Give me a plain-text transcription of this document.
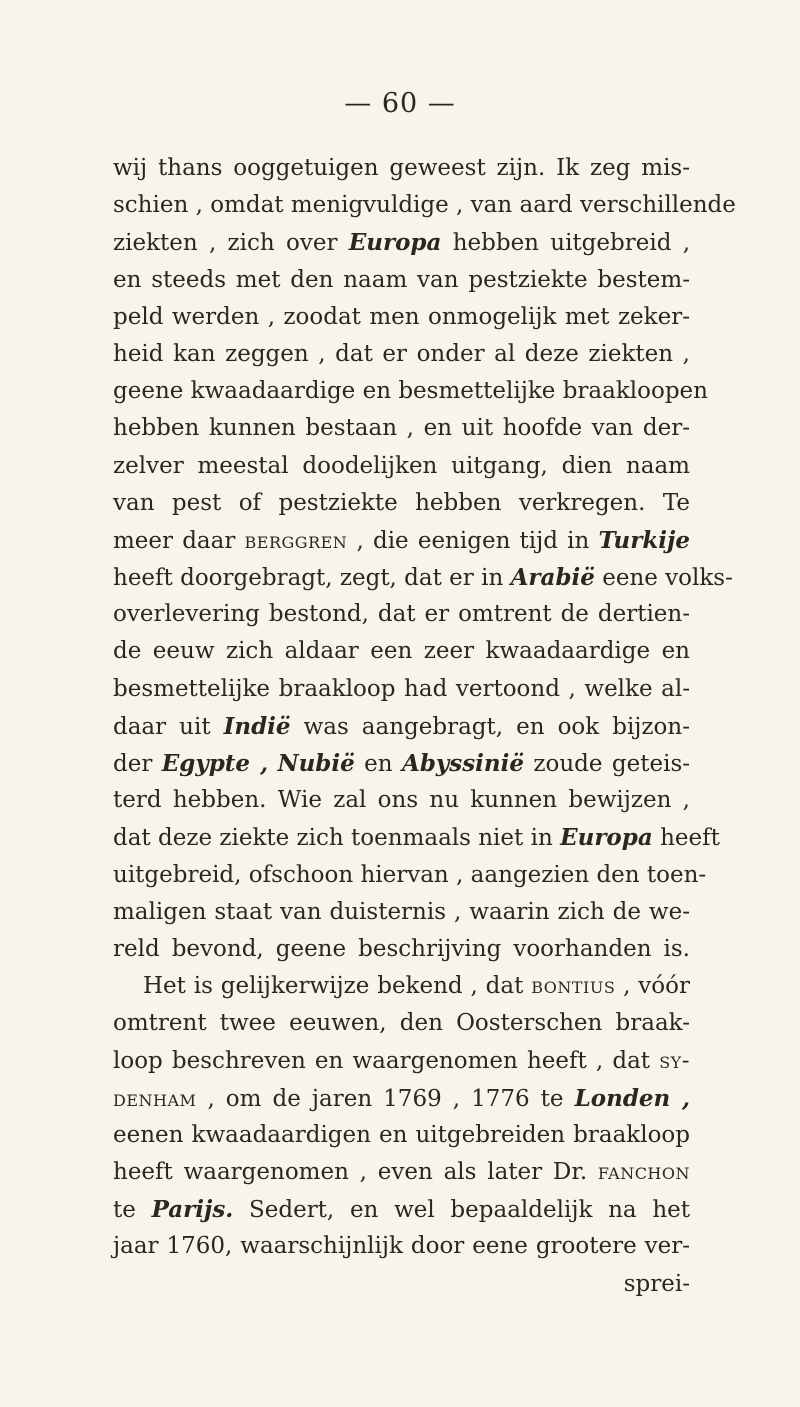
— 60 —
wij thans ooggetuigen geweest zijn. Ik zeg mis-
schien , omdat menigvuldige , van aard verschillende
ziekten , zich over Europa hebben uitgebreid ,
en steeds met den naam van pestziekte bestem-
peld werden , zoodat men onmogelijk met zeker-
heid kan zeggen , dat er onder al deze ziekten ,
geene kwaadaardige en besmettelijke braakloopen
hebben kunnen bestaan , en uit hoofde van der-
zelver meestal doodelijken uitgang, dien naam
van pest of pestziekte hebben verkregen. Te
meer daar berggren , die eenigen tijd in Turkije
heeft doorgebragt, zegt, dat er in Arabië eene volks-
overlevering bestond, dat er omtrent de dertien-
de eeuw zich aldaar een zeer kwaadaardige en
besmettelijke braakloop had vertoond , welke al-
daar uit Indië was aangebragt, en ook bijzon-
der Egypte , Nubië en Abyssinië zoude geteis-
terd hebben. Wie zal ons nu kunnen bewijzen ,
dat deze ziekte zich toenmaals niet in Europa heeft
uitgebreid, ofschoon hiervan , aangezien den toen-
maligen staat van duisternis , waarin zich de we-
reld bevond, geene beschrijving voorhanden is.
Het is gelijkerwijze bekend , dat bontius , vóór
omtrent twee eeuwen, den Oosterschen braak-
loop beschreven en waargenomen heeft , dat sy-
denham , om de jaren 1769 , 1776 te Londen ,
eenen kwaadaardigen en uitgebreiden braakloop
heeft waargenomen , even als later Dr. fanchon
te Parijs. Sedert, en wel bepaaldelijk na het
jaar 1760, waarschijnlijk door eene grootere ver-
sprei-
